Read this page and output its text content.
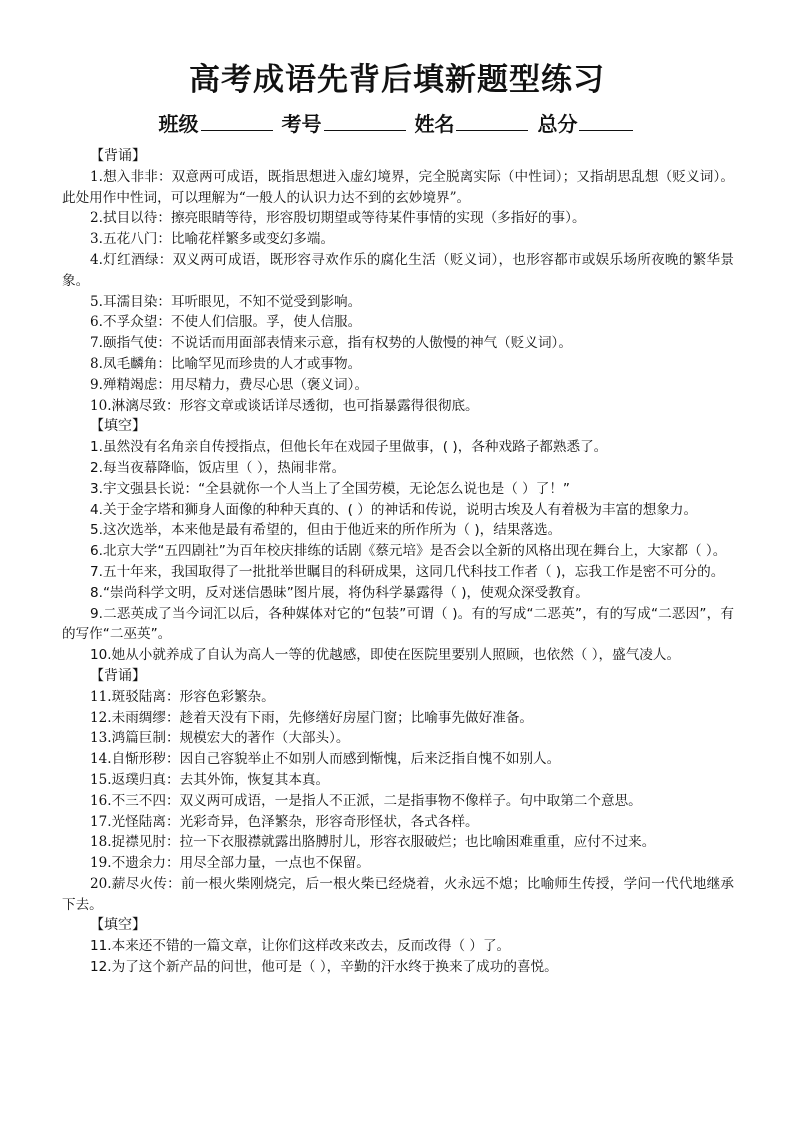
高考成语先背后填新题型练习
班级	考号	姓名	总分
【背诵】
1.想入非非：双意两可成语，既指思想进入虚幻境界，完全脱离实际（中性词）；又指胡思乱想（贬义词）。此处用作中性词，可以理解为“一般人的认识力达不到的玄妙境界”。
2.拭目以待：擦亮眼睛等待，形容殷切期望或等待某件事情的实现（多指好的事）。
3.五花八门：比喻花样繁多或变幻多端。
4.灯红酒绿：双义两可成语，既形容寻欢作乐的腐化生活（贬义词），也形容都市或娱乐场所夜晚的繁华景象。
5.耳濡目染：耳听眼见，不知不觉受到影响。
6.不孚众望：不使人们信服。孚，使人信服。
7.颐指气使：不说话而用面部表情来示意，指有权势的人傲慢的神气（贬义词）。
8.凤毛麟角：比喻罕见而珍贵的人才或事物。
9.殚精竭虑：用尽精力，费尽心思（褒义词）。
10.淋漓尽致：形容文章或谈话详尽透彻，也可指暴露得很彻底。
【填空】
1.虽然没有名角亲自传授指点，但他长年在戏园子里做事，( )，各种戏路子都熟悉了。
2.每当夜幕降临，饭店里（ ），热闹非常。
3.宇文强县长说：“全县就你一个人当上了全国劳模，无论怎么说也是（ ）了！”
4.关于金字塔和狮身人面像的种种天真的、( ）的神话和传说，说明古埃及人有着极为丰富的想象力。
5.这次选举，本来他是最有希望的，但由于他近来的所作所为（ )，结果落选。
6.北京大学“五四剧社”为百年校庆排练的话剧《蔡元培》是否会以全新的风格出现在舞台上，大家都（ ）。
7.五十年来，我国取得了一批批举世瞩目的科研成果，这同几代科技工作者（ )，忘我工作是密不可分的。
8.“崇尚科学文明，反对迷信愚昧”图片展，将伪科学暴露得（ )，使观众深受教育。
9.二恶英成了当今词汇以后，各种媒体对它的“包装”可谓（ )。有的写成“二恶英”，有的写成“二恶因”，有的写作“二巫英”。
10.她从小就养成了自认为高人一等的优越感，即使在医院里要别人照顾，也依然（ ），盛气凌人。
【背诵】
11.斑驳陆离：形容色彩繁杂。
12.未雨绸缪：趁着天没有下雨，先修缮好房屋门窗；比喻事先做好准备。
13.鸿篇巨制：规模宏大的著作（大部头）。
14.自惭形秽：因自己容貌举止不如别人而感到惭愧，后来泛指自愧不如别人。
15.返璞归真：去其外饰，恢复其本真。
16.不三不四：双义两可成语，一是指人不正派，二是指事物不像样子。句中取第二个意思。
17.光怪陆离：光彩奇异，色泽繁杂，形容奇形怪状，各式各样。
18.捉襟见肘：拉一下衣服襟就露出胳膊肘儿，形容衣服破烂；也比喻困难重重，应付不过来。
19.不遗余力：用尽全部力量，一点也不保留。
20.薪尽火传：前一根火柴刚烧完，后一根火柴已经烧着，火永远不熄；比喻师生传授，学问一代代地继承下去。
【填空】
11.本来还不错的一篇文章，让你们这样改来改去，反而改得（ ）了。
12.为了这个新产品的问世，他可是（ ），辛勤的汗水终于换来了成功的喜悦。
